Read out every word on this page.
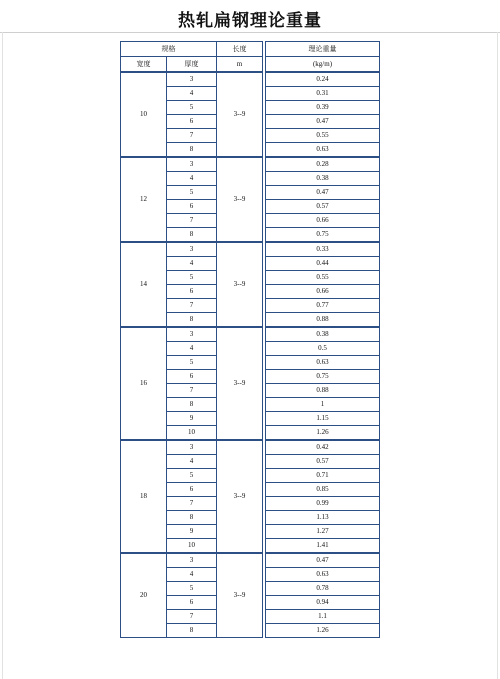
热轧扁钢理论重量
规格		长度		理论重量
宽度	厚度	m		(kg/m)
10	3	3--9		0.24
	4			0.31
	5			0.39
	6			0.47
	7			0.55
	8			0.63
12	3	3--9		0.28
	4			0.38
	5			0.47
	6			0.57
	7			0.66
	8			0.75
14	3	3--9		0.33
	4			0.44
	5			0.55
	6			0.66
	7			0.77
	8			0.88
16	3	3--9		0.38
	4			0.5
	5			0.63
	6			0.75
	7			0.88
	8			1
	9			1.15
	10			1.26
18	3	3--9		0.42
	4			0.57
	5			0.71
	6			0.85
	7			0.99
	8			1.13
	9			1.27
	10			1.41
20	3	3--9		0.47
	4			0.63
	5			0.78
	6			0.94
	7			1.1
	8			1.26
